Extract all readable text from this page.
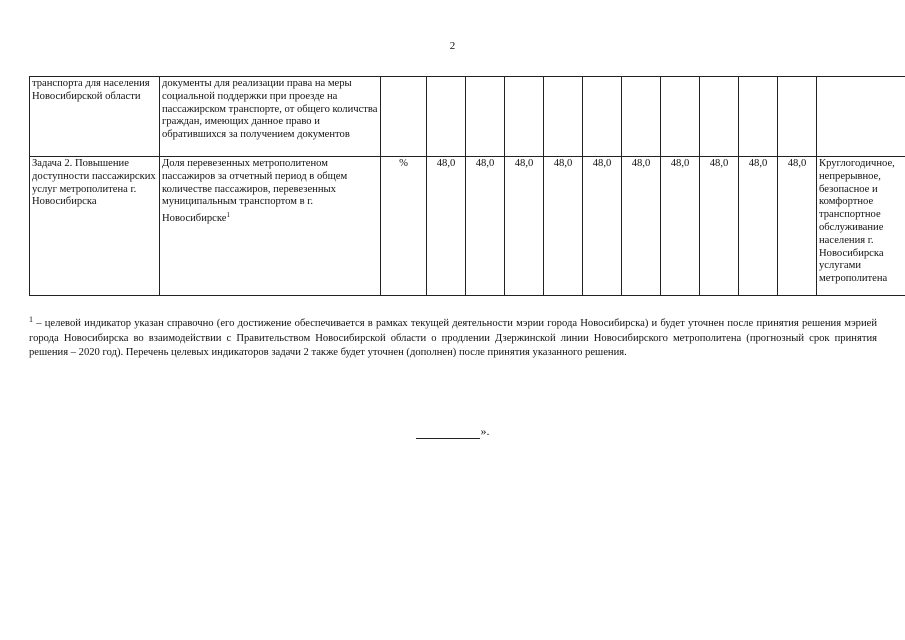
2
транспорта для населения Новосибирской области	документы для реализации права на меры социальной поддержки при проезде на пассажирском транспорте, от общего количства граждан, имеющих данное право и обратившихся за получением документов												
Задача 2. Повышение доступности пассажирских услуг метрополитена г. Новосибирска	Доля перевезенных метрополитеном пассажиров за отчетный период в общем количестве пассажиров, перевезенных муниципальным транспортом в г. Новосибирске$^1$	%	48,0	48,0	48,0	48,0	48,0	48,0	48,0	48,0	48,0	48,0	Круглогодичное, непрерывное, безопасное и комфортное транспортное обслуживание населения г. Новосибирска услугами метрополитена
$^1$ – целевой индикатор указан справочно (его достижение обеспечивается в рамках текущей деятельности мэрии города Новосибирска) и будет уточнен после принятия решения мэрией города Новосибирска во взаимодействии с Правительством Новосибирской области о продлении Дзержинской линии Новосибирского метрополитена (прогнозный срок принятия решения – 2020 год). Перечень целевых индикаторов задачи 2 также будет уточнен (дополнен) после принятия указанного решения.
».
